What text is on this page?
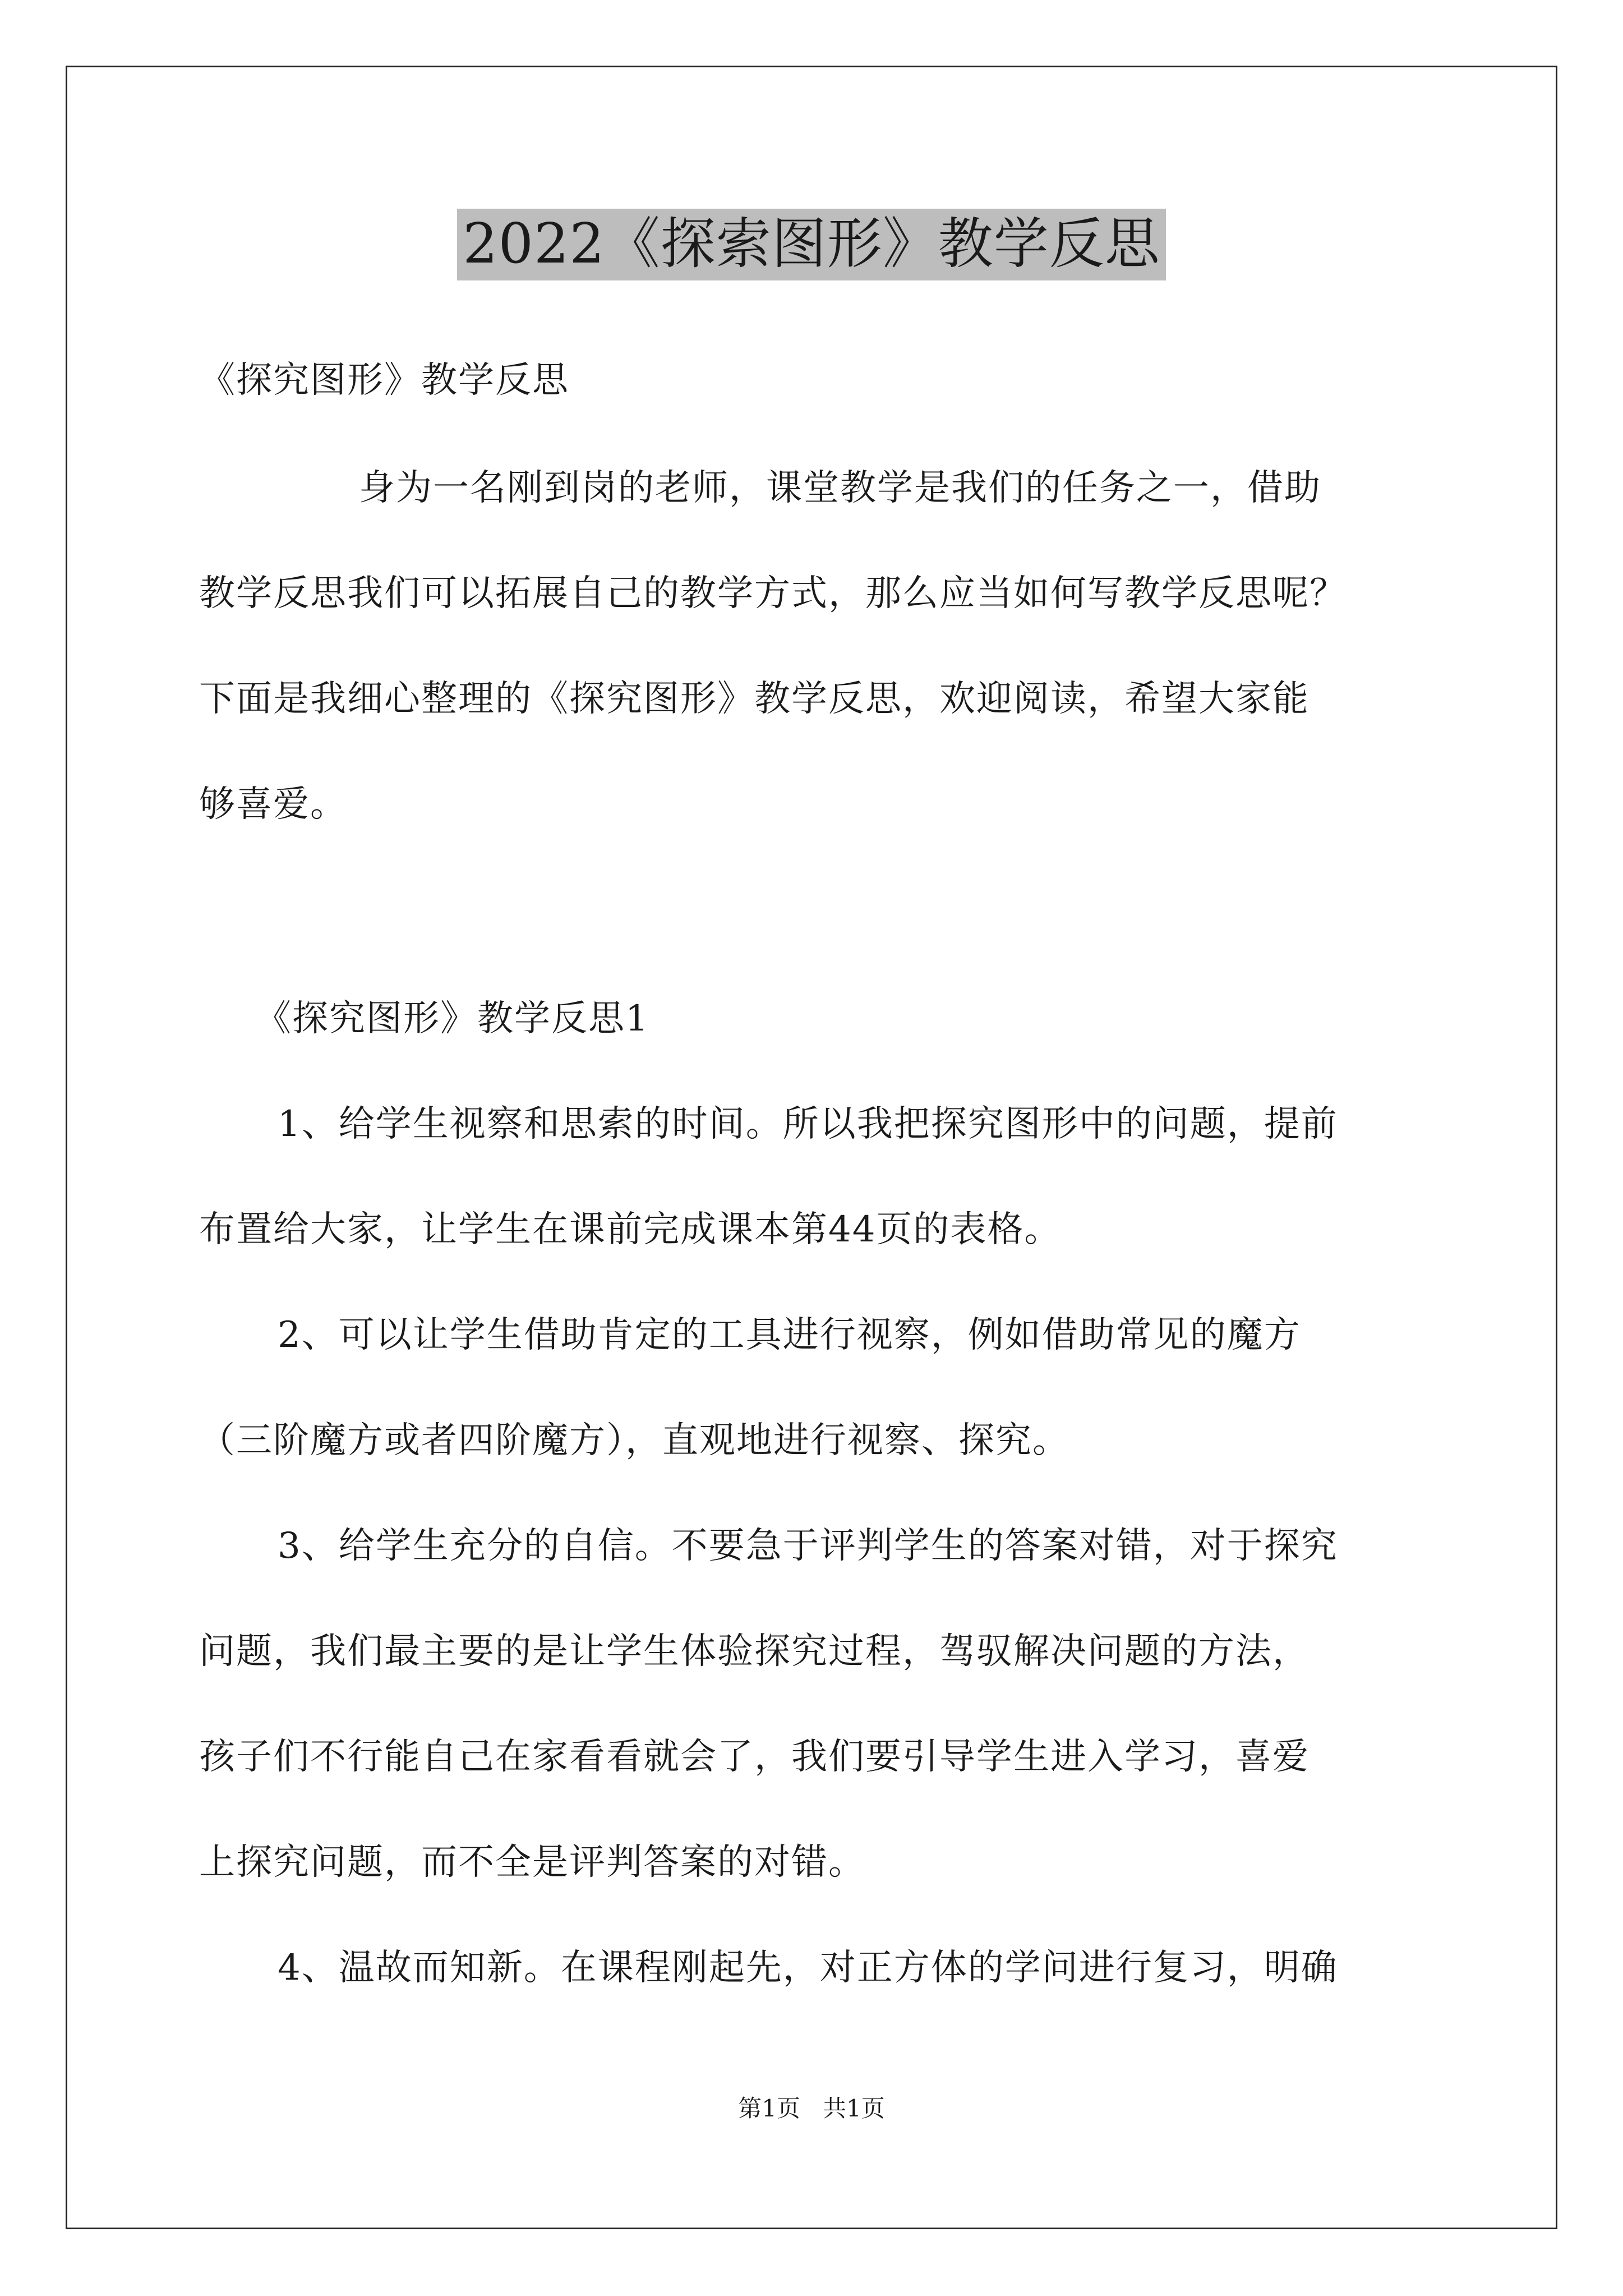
2022《探索图形》教学反思

《探究图形》教学反思

身为一名刚到岗的老师，课堂教学是我们的任务之一，借助

教学反思我们可以拓展自己的教学方式，那么应当如何写教学反思呢？

下面是我细心整理的《探究图形》教学反思，欢迎阅读，希望大家能

够喜爱。

《探究图形》教学反思1

1、给学生视察和思索的时间。所以我把探究图形中的问题，提前

布置给大家，让学生在课前完成课本第44页的表格。

2、可以让学生借助肯定的工具进行视察，例如借助常见的魔方

（三阶魔方或者四阶魔方），直观地进行视察、探究。

3、给学生充分的自信。不要急于评判学生的答案对错，对于探究

问题，我们最主要的是让学生体验探究过程，驾驭解决问题的方法，

孩子们不行能自己在家看看就会了，我们要引导学生进入学习，喜爱

上探究问题，而不全是评判答案的对错。

4、温故而知新。在课程刚起先，对正方体的学问进行复习，明确

第1页   共1页
